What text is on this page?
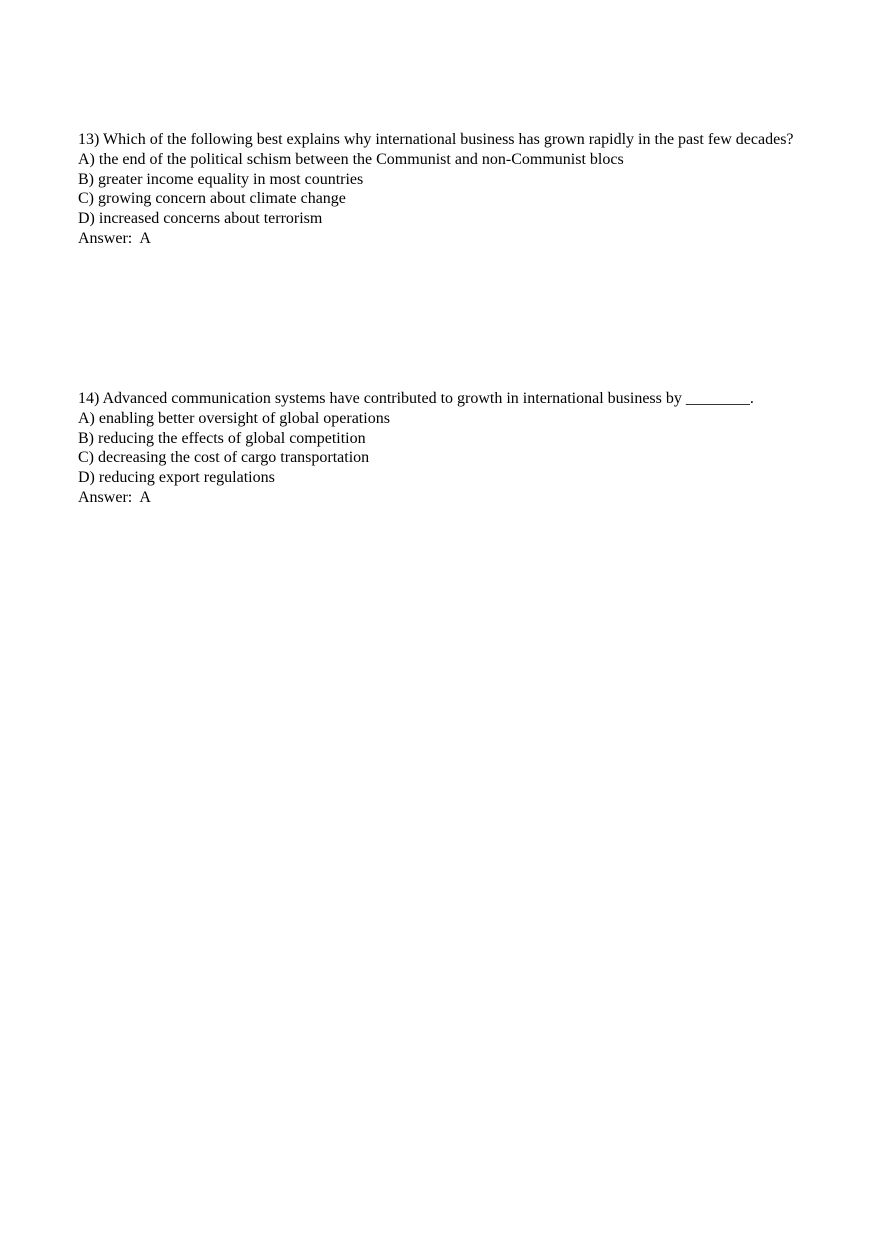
13) Which of the following best explains why international business has grown rapidly in the past few decades?
A) the end of the political schism between the Communist and non-Communist blocs
B) greater income equality in most countries
C) growing concern about climate change
D) increased concerns about terrorism
Answer:  A
14) Advanced communication systems have contributed to growth in international business by ________.
A) enabling better oversight of global operations
B) reducing the effects of global competition
C) decreasing the cost of cargo transportation
D) reducing export regulations
Answer:  A
